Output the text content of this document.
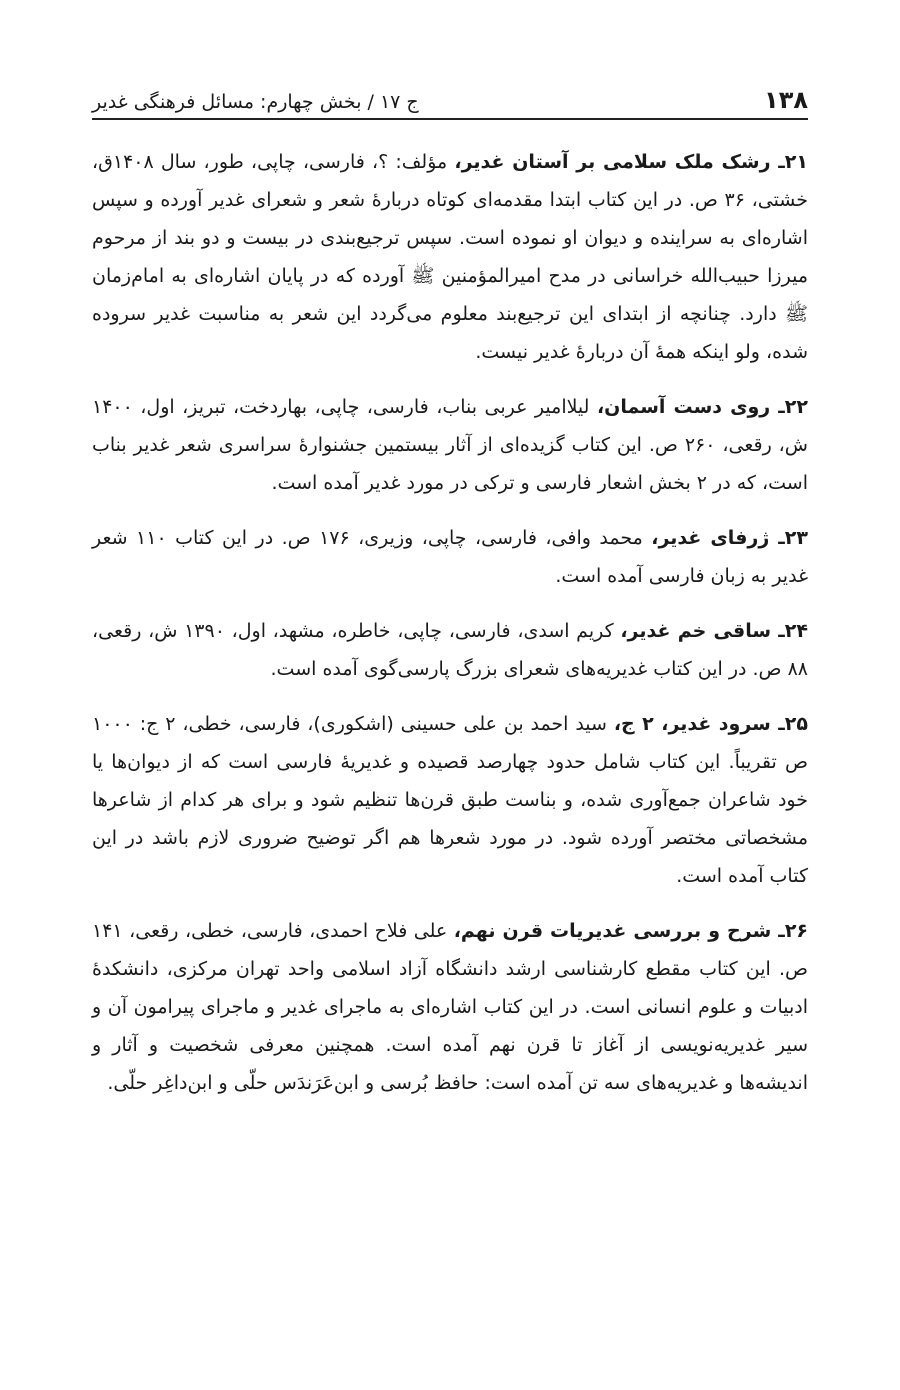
۱۳۸
ج ۱۷ / بخش چهارم: مسائل فرهنگی غدیر

۲۱ـ رشک ملک سلامی بر آستان غدیر، مؤلف: ؟، فارسی، چاپی، طور، سال ۱۴۰۸ق، خشتی، ۳۶ ص. در این کتاب ابتدا مقدمه‌ای کوتاه دربارهٔ شعر و شعرای غدیر آورده و سپس اشاره‌ای به سراینده و دیوان او نموده است. سپس ترجیع‌بندی در بیست و دو بند از مرحوم میرزا حبیب‌الله خراسانی در مدح امیرالمؤمنین ﷺ آورده که در پایان اشاره‌ای به امام‌زمان ﷺ دارد. چنانچه از ابتدای این ترجیع‌بند معلوم می‌گردد این شعر به مناسبت غدیر سروده شده، ولو اینکه همهٔ آن دربارهٔ غدیر نیست.

۲۲ـ روی دست آسمان، لیلاامیر عربی بناب، فارسی، چاپی، بهاردخت، تبریز، اول، ۱۴۰۰ ش، رقعی، ۲۶۰ ص. این کتاب گزیده‌ای از آثار بیستمین جشنوارهٔ سراسری شعر غدیر بناب است، که در ۲ بخش اشعار فارسی و ترکی در مورد غدیر آمده است.

۲۳ـ ژرفای غدیر، محمد وافی، فارسی، چاپی، وزیری، ۱۷۶ ص. در این کتاب ۱۱۰ شعر غدیر به زبان فارسی آمده است.

۲۴ـ ساقی خم غدیر، کریم اسدی، فارسی، چاپی، خاطره، مشهد، اول، ۱۳۹۰ ش، رقعی، ۸۸ ص. در این کتاب غدیریه‌های شعرای بزرگ پارسی‌گوی آمده است.

۲۵ـ سرود غدیر، ۲ ج، سید احمد بن علی حسینی (اشکوری)، فارسی، خطی، ۲ ج: ۱۰۰۰ ص تقریباً. این کتاب شامل حدود چهارصد قصیده و غدیریهٔ فارسی است که از دیوان‌ها یا خود شاعران جمع‌آوری شده، و بناست طبق قرن‌ها تنظیم شود و برای هر کدام از شاعرها مشخصاتی مختصر آورده شود. در مورد شعرها هم اگر توضیح ضروری لازم باشد در این کتاب آمده است.

۲۶ـ شرح و بررسی غدیریات قرن نهم، علی فلاح احمدی، فارسی، خطی، رقعی، ۱۴۱ ص. این کتاب مقطع کارشناسی ارشد دانشگاه آزاد اسلامی واحد تهران مرکزی، دانشکدهٔ ادبیات و علوم انسانی است. در این کتاب اشاره‌ای به ماجرای غدیر و ماجرای پیرامون آن و سیر غدیریه‌نویسی از آغاز تا قرن نهم آمده است. همچنین معرفی شخصیت و آثار و اندیشه‌ها و غدیریه‌های سه تن آمده است: حافظ بُرسی و ابن‌عَرَندَس حلّی و ابن‌داغِر حلّی.
